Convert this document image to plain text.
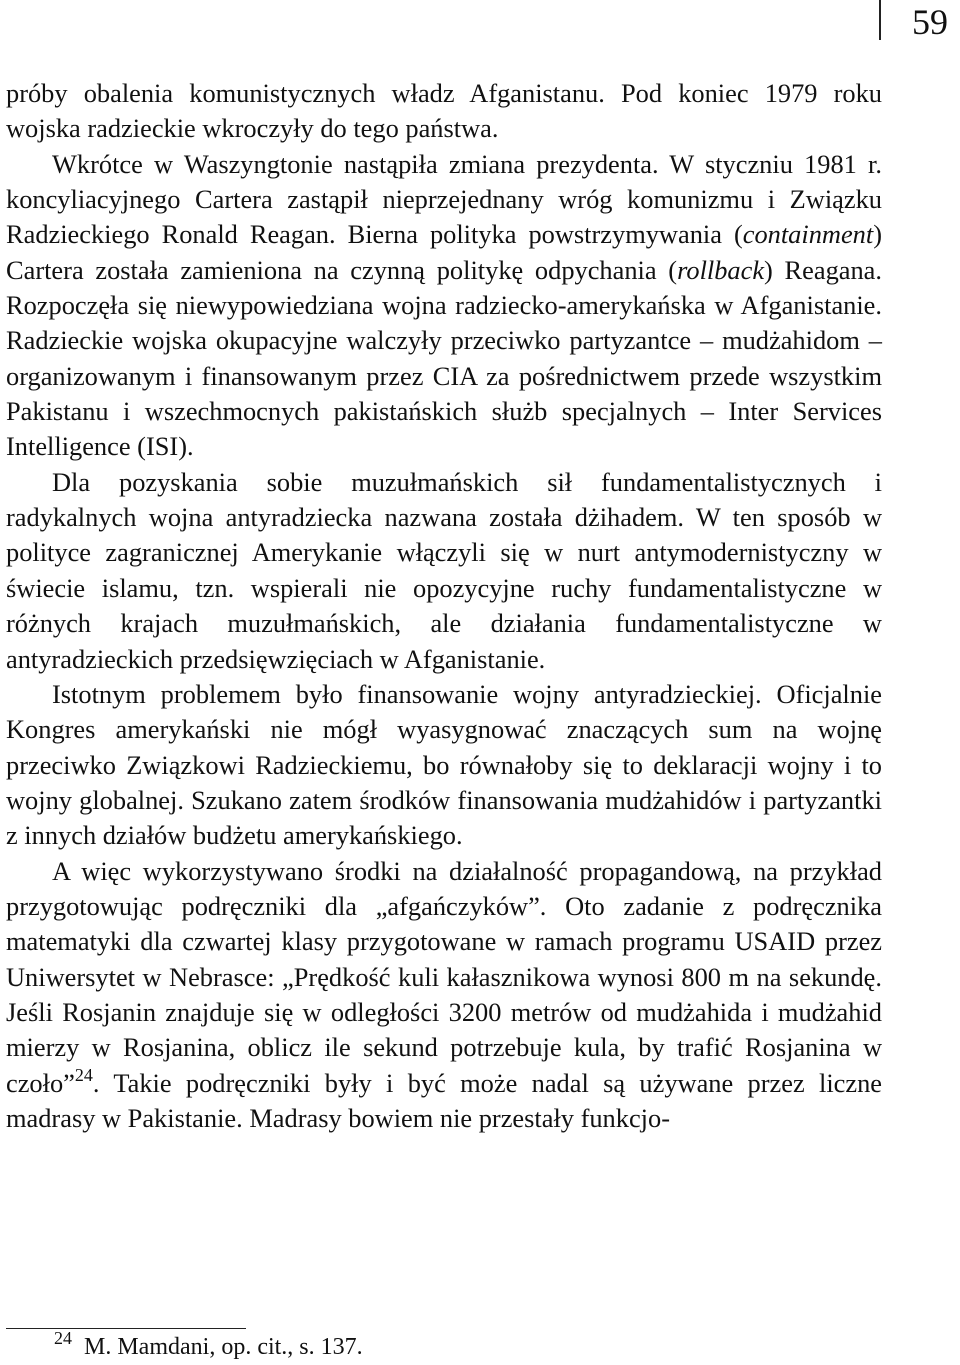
59

próby obalenia komunistycznych władz Afganistanu. Pod koniec 1979 roku wojska radzieckie wkroczyły do tego państwa.

Wkrótce w Waszyngtonie nastąpiła zmiana prezydenta. W styczniu 1981 r. koncyliacyjnego Cartera zastąpił nieprzejednany wróg komunizmu i Związku Radzieckiego Ronald Reagan. Bierna polityka powstrzymywania (containment) Cartera została zamieniona na czynną politykę odpychania (rollback) Reagana. Rozpoczęła się niewypowiedziana wojna radziecko-amerykańska w Afganistanie. Radzieckie wojska okupacyjne walczyły przeciwko partyzantce – mudżahidom – organizowanym i finansowanym przez CIA za pośrednictwem przede wszystkim Pakistanu i wszechmocnych pakistańskich służb specjalnych – Inter Services Intelligence (ISI).

Dla pozyskania sobie muzułmańskich sił fundamentalistycznych i radykalnych wojna antyradziecka nazwana została dżihadem. W ten sposób w polityce zagranicznej Amerykanie włączyli się w nurt antymodernistyczny w świecie islamu, tzn. wspierali nie opozycyjne ruchy fundamentalistyczne w różnych krajach muzułmańskich, ale działania fundamentalistyczne w antyradzieckich przedsięwzięciach w Afganistanie.

Istotnym problemem było finansowanie wojny antyradzieckiej. Oficjalnie Kongres amerykański nie mógł wyasygnować znaczących sum na wojnę przeciwko Związkowi Radzieckiemu, bo równałoby się to deklaracji wojny i to wojny globalnej. Szukano zatem środków finansowania mudżahidów i partyzantki z innych działów budżetu amerykańskiego.

A więc wykorzystywano środki na działalność propagandową, na przykład przygotowując podręczniki dla „afgańczyków”. Oto zadanie z podręcznika matematyki dla czwartej klasy przygotowane w ramach programu USAID przez Uniwersytet w Nebrasce: „Prędkość kuli kałasznikowa wynosi 800 m na sekundę. Jeśli Rosjanin znajduje się w odległości 3200 metrów od mudżahida i mudżahid mierzy w Rosjanina, oblicz ile sekund potrzebuje kula, by trafić Rosjanina w czoło”$^{24}$. Takie podręczniki były i być może nadal są używane przez liczne madrasy w Pakistanie. Madrasy bowiem nie przestały funkcjo-

$^{24}$ M. Mamdani, op. cit., s. 137.
